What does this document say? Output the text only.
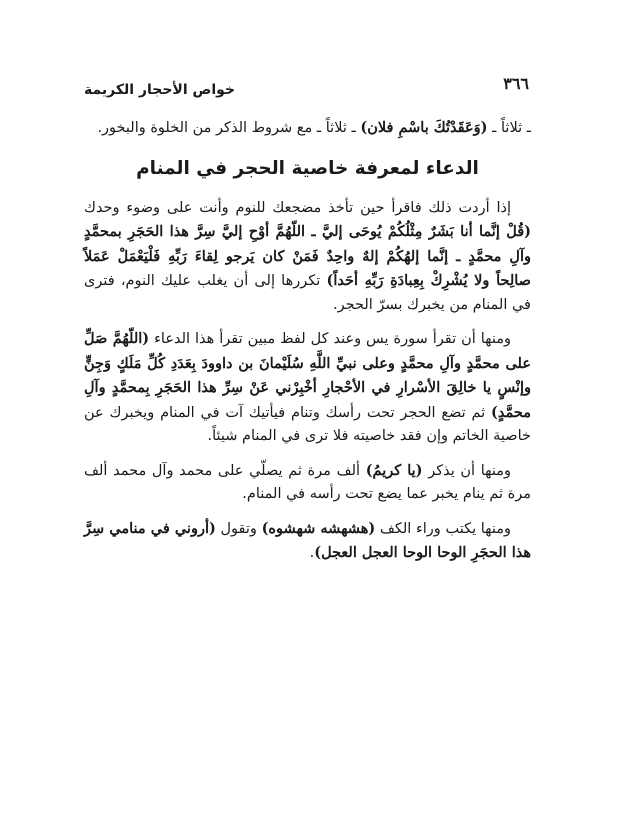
٣٦٦
خواص الأحجار الكريمة

ـ ثلاثاً ـ (وَعَقَدْتُكَ باسْمِ فلان) ـ ثلاثاً ـ مع شروط الذكر من الخلوة والبخور.

الدعاء لمعرفة خاصية الحجر في المنام

إذا أردت ذلك فاقرأ حين تأخذ مضجعك للنوم وأنت على وضوء وحدك (قُلْ إنَّما أنا بَشَرٌ مِثْلُكُمْ يُوحَى إليَّ ـ اللّهُمَّ أوْحِ إليَّ سِرَّ هذا الحَجَرِ بمحمَّدٍ وآلِ محمَّدٍ ـ إنَّما إلهُكُمْ إلهٌ واحِدٌ فَمَنْ كان يَرجو لِقاءَ رَبِّهِ فَلْيَعْمَلْ عَمَلاً صالِحاً ولا يُشْرِكْ بِعِبادَةِ رَبِّهِ أحَداً) تكررها إلى أن يغلب عليك النوم، فترى في المنام من يخبرك بسرّ الحجر.

ومنها أن تقرأ سورة يس وعند كل لفظ مبين تقرأ هذا الدعاء (اللّهُمَّ صَلِّ على محمَّدٍ وآلِ محمَّدٍ وعلى نبيِّ اللَّهِ سُلَيْمانَ بن داوودَ بِعَدَدِ كُلِّ مَلَكٍ وَجِنٍّ وإنْسٍ يا خالِقَ الأسْرارِ في الأحْجارِ أخْبِرْني عَنْ سِرِّ هذا الحَجَرِ بِمحمَّدٍ وآلِ محمَّدٍ) ثم تضع الحجر تحت رأسك وتنام فيأتيك آت في المنام ويخبرك عن خاصية الخاتم وإن فقد خاصيته فلا ترى في المنام شيئاً.

ومنها أن يذكر (يا كريمُ) ألف مرة ثم يصلّي على محمد وآل محمد ألف مرة ثم ينام يخبر عما يضع تحت رأسه في المنام.

ومنها يكتب وراء الكف (هشهشه شهشوه) وتقول (أروني في منامي سِرَّ هذا الحجَرِ الوحا الوحا العجل العجل).
